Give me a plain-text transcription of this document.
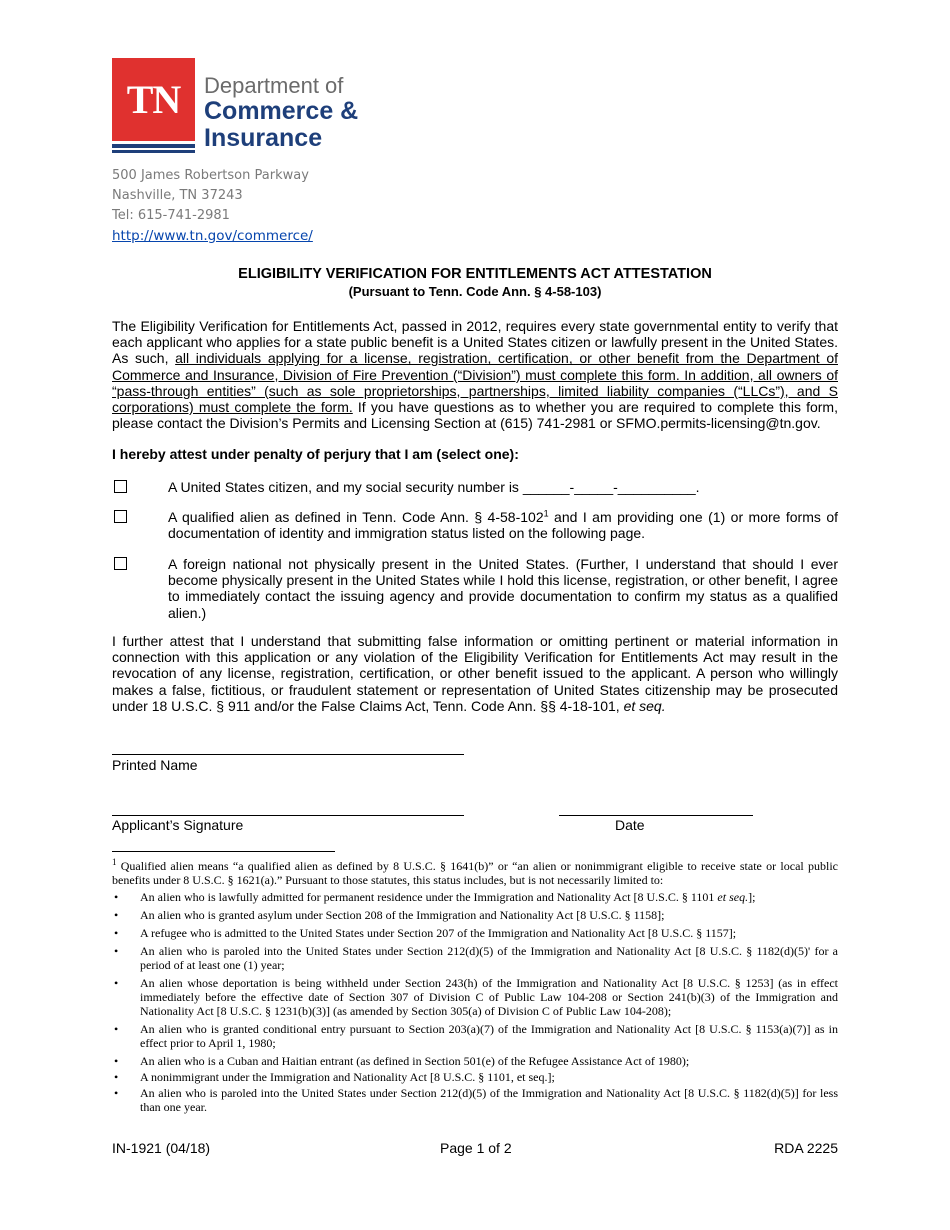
TN	Department of
Commerce &
Insurance
500 James Robertson Parkway
Nashville, TN 37243
Tel: 615-741-2981
http://www.tn.gov/commerce/
ELIGIBILITY VERIFICATION FOR ENTITLEMENTS ACT ATTESTATION
(Pursuant to Tenn. Code Ann. § 4-58-103)
The Eligibility Verification for Entitlements Act, passed in 2012, requires every state governmental entity to verify that each applicant who applies for a state public benefit is a United States citizen or lawfully present in the United States. As such, all individuals applying for a license, registration, certification, or other benefit from the Department of Commerce and Insurance, Division of Fire Prevention (“Division”) must complete this form. In addition, all owners of “pass-through entities” (such as sole proprietorships, partnerships, limited liability companies (“LLCs”), and S corporations) must complete the form. If you have questions as to whether you are required to complete this form, please contact the Division’s Permits and Licensing Section at (615) 741-2981 or SFMO.permits-licensing@tn.gov.
I hereby attest under penalty of perjury that I am (select one):
A United States citizen, and my social security number is ______-_____-__________.
A qualified alien as defined in Tenn. Code Ann. § $4-58-102^1$ and I am providing one (1) or more forms of documentation of identity and immigration status listed on the following page.
A foreign national not physically present in the United States. (Further, I understand that should I ever become physically present in the United States while I hold this license, registration, or other benefit, I agree to immediately contact the issuing agency and provide documentation to confirm my status as a qualified alien.)
I further attest that I understand that submitting false information or omitting pertinent or material information in connection with this application or any violation of the Eligibility Verification for Entitlements Act may result in the revocation of any license, registration, certification, or other benefit issued to the applicant. A person who willingly makes a false, fictitious, or fraudulent statement or representation of United States citizenship may be prosecuted under 18 U.S.C. § 911 and/or the False Claims Act, Tenn. Code Ann. §§ 4-18-101, et seq.
Printed Name
Applicant’s Signature	Date
$^1$ Qualified alien means “a qualified alien as defined by 8 U.S.C. § 1641(b)” or “an alien or nonimmigrant eligible to receive state or local public benefits under 8 U.S.C. § 1621(a).” Pursuant to those statutes, this status includes, but is not necessarily limited to:
• An alien who is lawfully admitted for permanent residence under the Immigration and Nationality Act [8 U.S.C. § 1101 et seq.];
• An alien who is granted asylum under Section 208 of the Immigration and Nationality Act [8 U.S.C. § 1158];
• A refugee who is admitted to the United States under Section 207 of the Immigration and Nationality Act [8 U.S.C. § 1157];
• An alien who is paroled into the United States under Section 212(d)(5) of the Immigration and Nationality Act [8 U.S.C. § 1182(d)(5)' for a period of at least one (1) year;
• An alien whose deportation is being withheld under Section 243(h) of the Immigration and Nationality Act [8 U.S.C. § 1253] (as in effect immediately before the effective date of Section 307 of Division C of Public Law 104-208 or Section 241(b)(3) of the Immigration and Nationality Act [8 U.S.C. § 1231(b)(3)] (as amended by Section 305(a) of Division C of Public Law 104-208);
• An alien who is granted conditional entry pursuant to Section 203(a)(7) of the Immigration and Nationality Act [8 U.S.C. § 1153(a)(7)] as in effect prior to April 1, 1980;
• An alien who is a Cuban and Haitian entrant (as defined in Section 501(e) of the Refugee Assistance Act of 1980);
• A nonimmigrant under the Immigration and Nationality Act [8 U.S.C. § 1101, et seq.];
• An alien who is paroled into the United States under Section 212(d)(5) of the Immigration and Nationality Act [8 U.S.C. § 1182(d)(5)] for less than one year.
IN-1921 (04/18)	Page 1 of 2	RDA 2225
